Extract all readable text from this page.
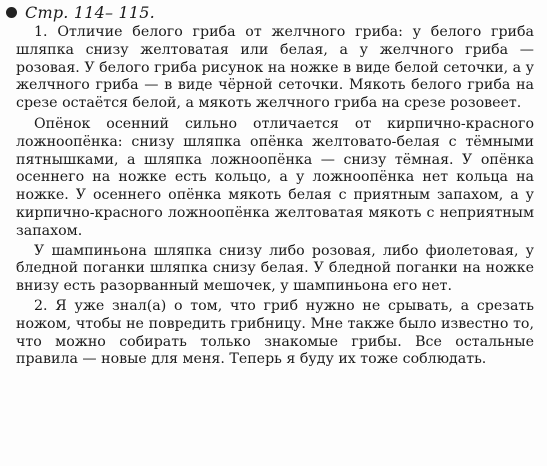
Стр. 114– 115.

1. Отличие белого гриба от желчного гриба: у белого гриба шляпка снизу желтоватая или белая, а у желчного гриба — розовая. У белого гриба рисунок на ножке в виде белой сеточки, а у желчного гриба — в виде чёрной сеточки. Мякоть белого гриба на срезе остаётся белой, а мякоть желчного гриба на срезе розовеет.

Опёнок осенний сильно отличается от кирпично-красного ложноопёнка: снизу шляпка опёнка желтовато-белая с тёмными пятнышками, а шляпка ложноопёнка — снизу тёмная. У опёнка осеннего на ножке есть кольцо, а у ложноопёнка нет кольца на ножке. У осеннего опёнка мякоть белая с приятным запахом, а у кирпично-красного ложноопёнка желтоватая мякоть с неприятным запахом.

У шампиньона шляпка снизу либо розовая, либо фиолетовая, у бледной поганки шляпка снизу белая. У бледной поганки на ножке внизу есть разорванный мешочек, у шампиньона его нет.

2. Я уже знал(а) о том, что гриб нужно не срывать, а срезать ножом, чтобы не повредить грибницу. Мне также было известно то, что можно собирать только знакомые грибы. Все остальные правила — новые для меня. Теперь я буду их тоже соблюдать.
